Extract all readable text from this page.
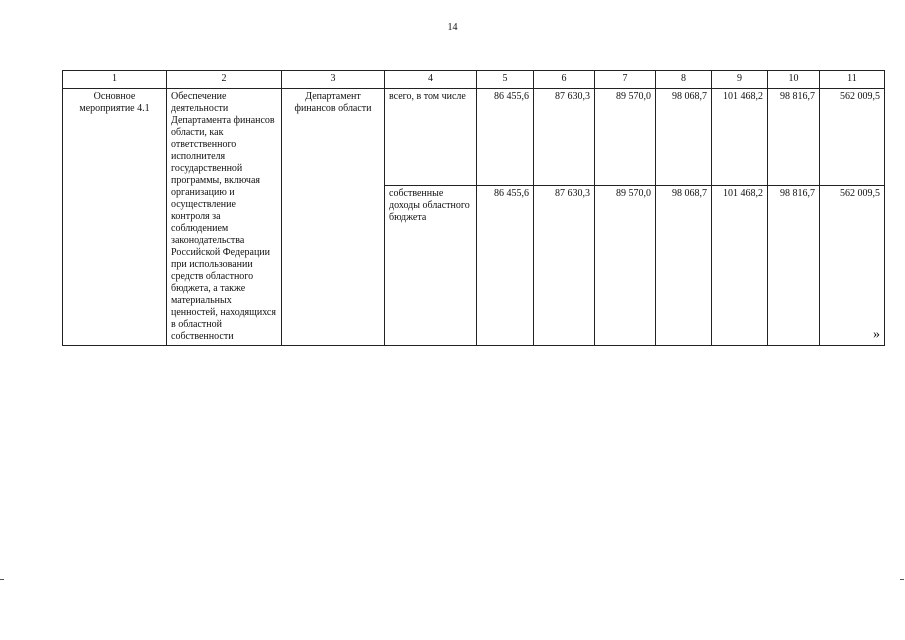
14
1	2	3	4	5	6	7	8	9	10	11
Основное мероприятие 4.1	Обеспечение деятельности Департамента финансов области, как ответственного исполнителя государственной программы, включая организацию и осуществление контроля за соблюдением законодательства Российской Федерации при использовании средств областного бюджета, а также материальных ценностей, находящихся в областной собственности	Департамент финансов области	всего, в том числе	86 455,6	87 630,3	89 570,0	98 068,7	101 468,2	98 816,7	562 009,5
			собственные доходы областного бюджета	86 455,6	87 630,3	89 570,0	98 068,7	101 468,2	98 816,7	562 009,5
»
